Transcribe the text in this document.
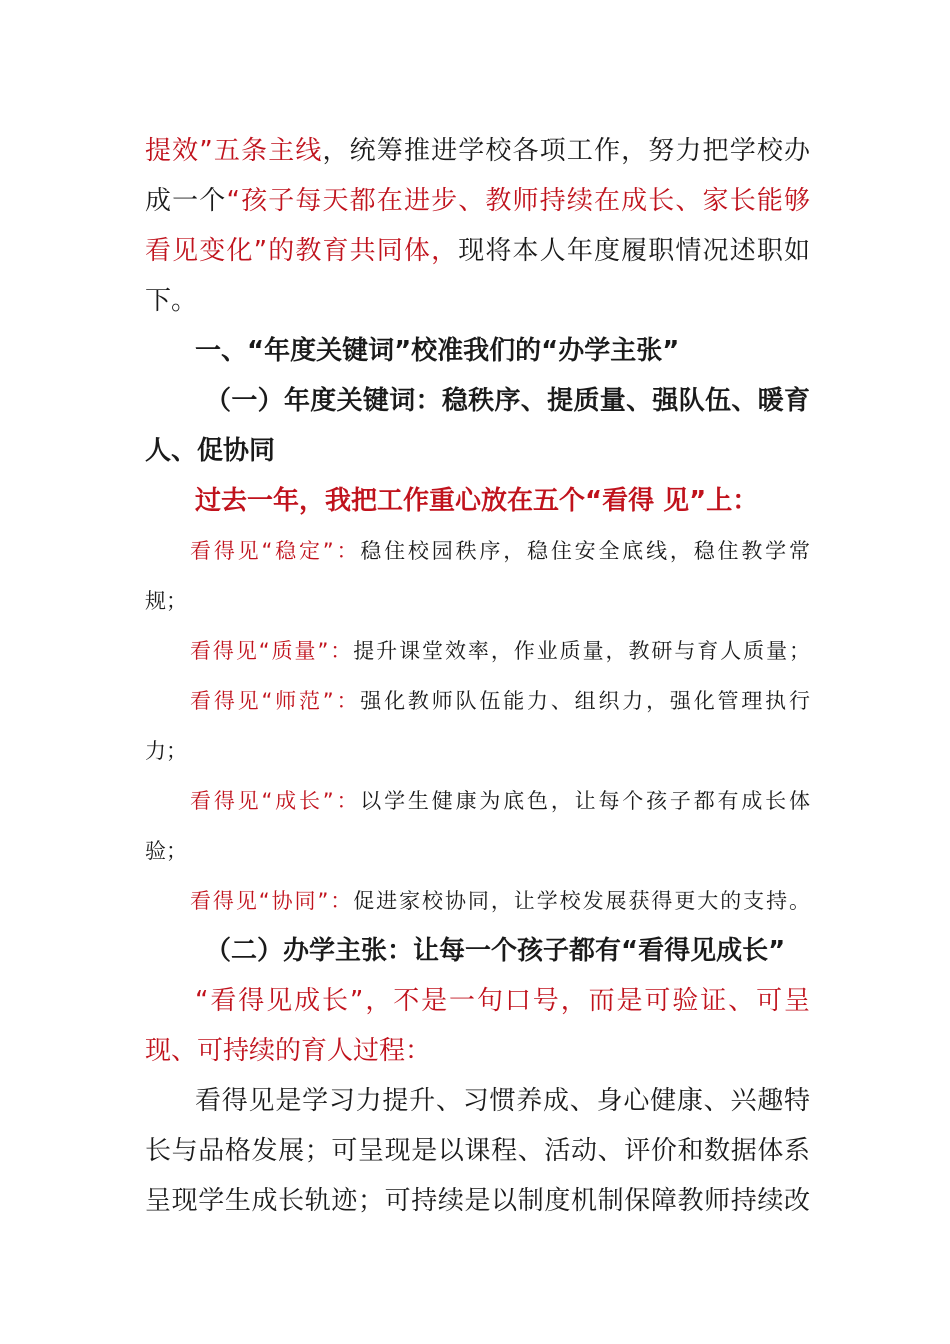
提效”五条主线，统筹推进学校各项工作，努力把学校办
成一个“孩子每天都在进步、教师持续在成长、家长能够
看见变化”的教育共同体，现将本人年度履职情况述职如
下。
一、“年度关键词”校准我们的“办学主张”
（一）年度关键词：稳秩序、提质量、强队伍、暖育
人、促协同
过去一年，我把工作重心放在五个“看得 见”上：
看得见“稳定”：稳住校园秩序，稳住安全底线，稳住教学常
规；
看得见“质量”：提升课堂效率，作业质量，教研与育人质量；
看得见“师范”：强化教师队伍能力、组织力，强化管理执行
力；
看得见“成长”：以学生健康为底色，让每个孩子都有成长体
验；
看得见“协同”：促进家校协同，让学校发展获得更大的支持。
（二）办学主张：让每一个孩子都有“看得见成长”
“看得见成长”，不是一句口号，而是可验证、可呈
现、可持续的育人过程：
看得见是学习力提升、习惯养成、身心健康、兴趣特
长与品格发展；可呈现是以课程、活动、评价和数据体系
呈现学生成长轨迹；可持续是以制度机制保障教师持续改
